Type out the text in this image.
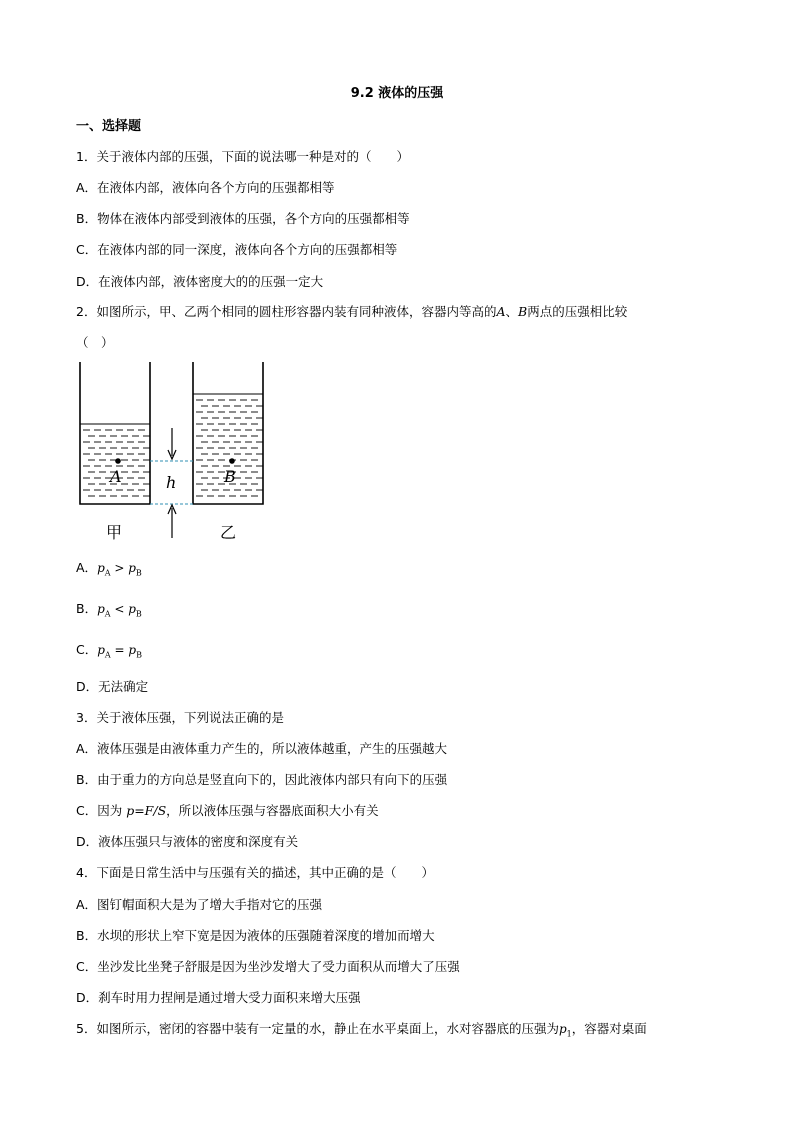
9.2 液体的压强
一、选择题
1．关于液体内部的压强，下面的说法哪一种是对的（　　）
A．在液体内部，液体向各个方向的压强都相等
B．物体在液体内部受到液体的压强，各个方向的压强都相等
C．在液体内部的同一深度，液体向各个方向的压强都相等
D．在液体内部，液体密度大的的压强一定大
2．如图所示，甲、乙两个相同的圆柱形容器内装有同种液体，容器内等高的A、B两点的压强相比较
（　）
A	B
h
甲	乙
A．$p_A > p_B$
B．$p_A < p_B$
C．$p_A = p_B$
D．无法确定
3．关于液体压强，下列说法正确的是
A．液体压强是由液体重力产生的，所以液体越重，产生的压强越大
B．由于重力的方向总是竖直向下的，因此液体内部只有向下的压强
C．因为 p=F/S，所以液体压强与容器底面积大小有关
D．液体压强只与液体的密度和深度有关
4．下面是日常生活中与压强有关的描述，其中正确的是（　　）
A．图钉帽面积大是为了增大手指对它的压强
B．水坝的形状上窄下宽是因为液体的压强随着深度的增加而增大
C．坐沙发比坐凳子舒服是因为坐沙发增大了受力面积从而增大了压强
D．刹车时用力捏闸是通过增大受力面积来增大压强
5．如图所示，密闭的容器中装有一定量的水，静止在水平桌面上，水对容器底的压强为$p_1$，容器对桌面
